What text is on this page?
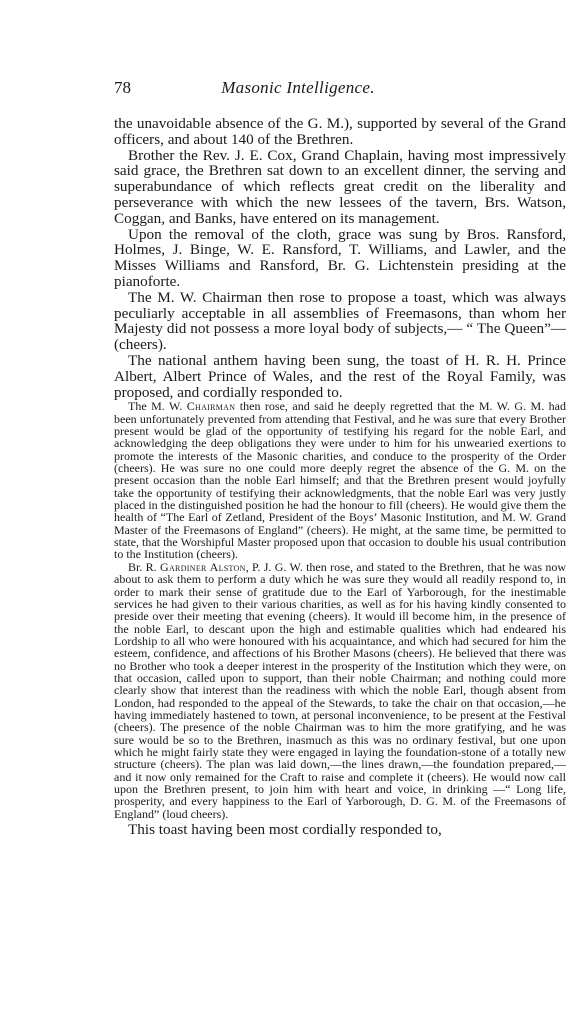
78	Masonic Intelligence.

the unavoidable absence of the G. M.), supported by several of the Grand officers, and about 140 of the Brethren.

Brother the Rev. J. E. Cox, Grand Chaplain, having most impressively said grace, the Brethren sat down to an excellent dinner, the serving and superabundance of which reflects great credit on the liberality and perseverance with which the new lessees of the tavern, Brs. Watson, Coggan, and Banks, have entered on its management.

Upon the removal of the cloth, grace was sung by Bros. Ransford, Holmes, J. Binge, W. E. Ransford, T. Williams, and Lawler, and the Misses Williams and Ransford, Br. G. Lichtenstein presiding at the pianoforte.

The M. W. Chairman then rose to propose a toast, which was always peculiarly acceptable in all assemblies of Freemasons, than whom her Majesty did not possess a more loyal body of subjects,— “ The Queen”—(cheers).

The national anthem having been sung, the toast of H. R. H. Prince Albert, Albert Prince of Wales, and the rest of the Royal Family, was proposed, and cordially responded to.

The M. W. Chairman then rose, and said he deeply regretted that the M. W. G. M. had been unfortunately prevented from attending that Festival, and he was sure that every Brother present would be glad of the opportunity of testifying his regard for the noble Earl, and acknowledging the deep obligations they were under to him for his unwearied exertions to promote the interests of the Masonic charities, and conduce to the prosperity of the Order (cheers). He was sure no one could more deeply regret the absence of the G. M. on the present occasion than the noble Earl himself; and that the Brethren present would joyfully take the opportunity of testifying their acknowledgments, that the noble Earl was very justly placed in the distinguished position he had the honour to fill (cheers). He would give them the health of “The Earl of Zetland, President of the Boys’ Masonic Institution, and M. W. Grand Master of the Freemasons of England” (cheers). He might, at the same time, be permitted to state, that the Worshipful Master proposed upon that occasion to double his usual contribution to the Institution (cheers).

Br. R. Gardiner Alston, P. J. G. W. then rose, and stated to the Brethren, that he was now about to ask them to perform a duty which he was sure they would all readily respond to, in order to mark their sense of gratitude due to the Earl of Yarborough, for the inestimable services he had given to their various charities, as well as for his having kindly consented to preside over their meeting that evening (cheers). It would ill become him, in the presence of the noble Earl, to descant upon the high and estimable qualities which had endeared his Lordship to all who were honoured with his acquaintance, and which had secured for him the esteem, confidence, and affections of his Brother Masons (cheers). He believed that there was no Brother who took a deeper interest in the prosperity of the Institution which they were, on that occasion, called upon to support, than their noble Chairman; and nothing could more clearly show that interest than the readiness with which the noble Earl, though absent from London, had responded to the appeal of the Stewards, to take the chair on that occasion,—he having immediately hastened to town, at personal inconvenience, to be present at the Festival (cheers). The presence of the noble Chairman was to him the more gratifying, and he was sure would be so to the Brethren, inasmuch as this was no ordinary festival, but one upon which he might fairly state they were engaged in laying the foundation-stone of a totally new structure (cheers). The plan was laid down,—the lines drawn,—the foundation prepared,—and it now only remained for the Craft to raise and complete it (cheers). He would now call upon the Brethren present, to join him with heart and voice, in drinking —“ Long life, prosperity, and every happiness to the Earl of Yarborough, D. G. M. of the Freemasons of England” (loud cheers).

This toast having been most cordially responded to,
